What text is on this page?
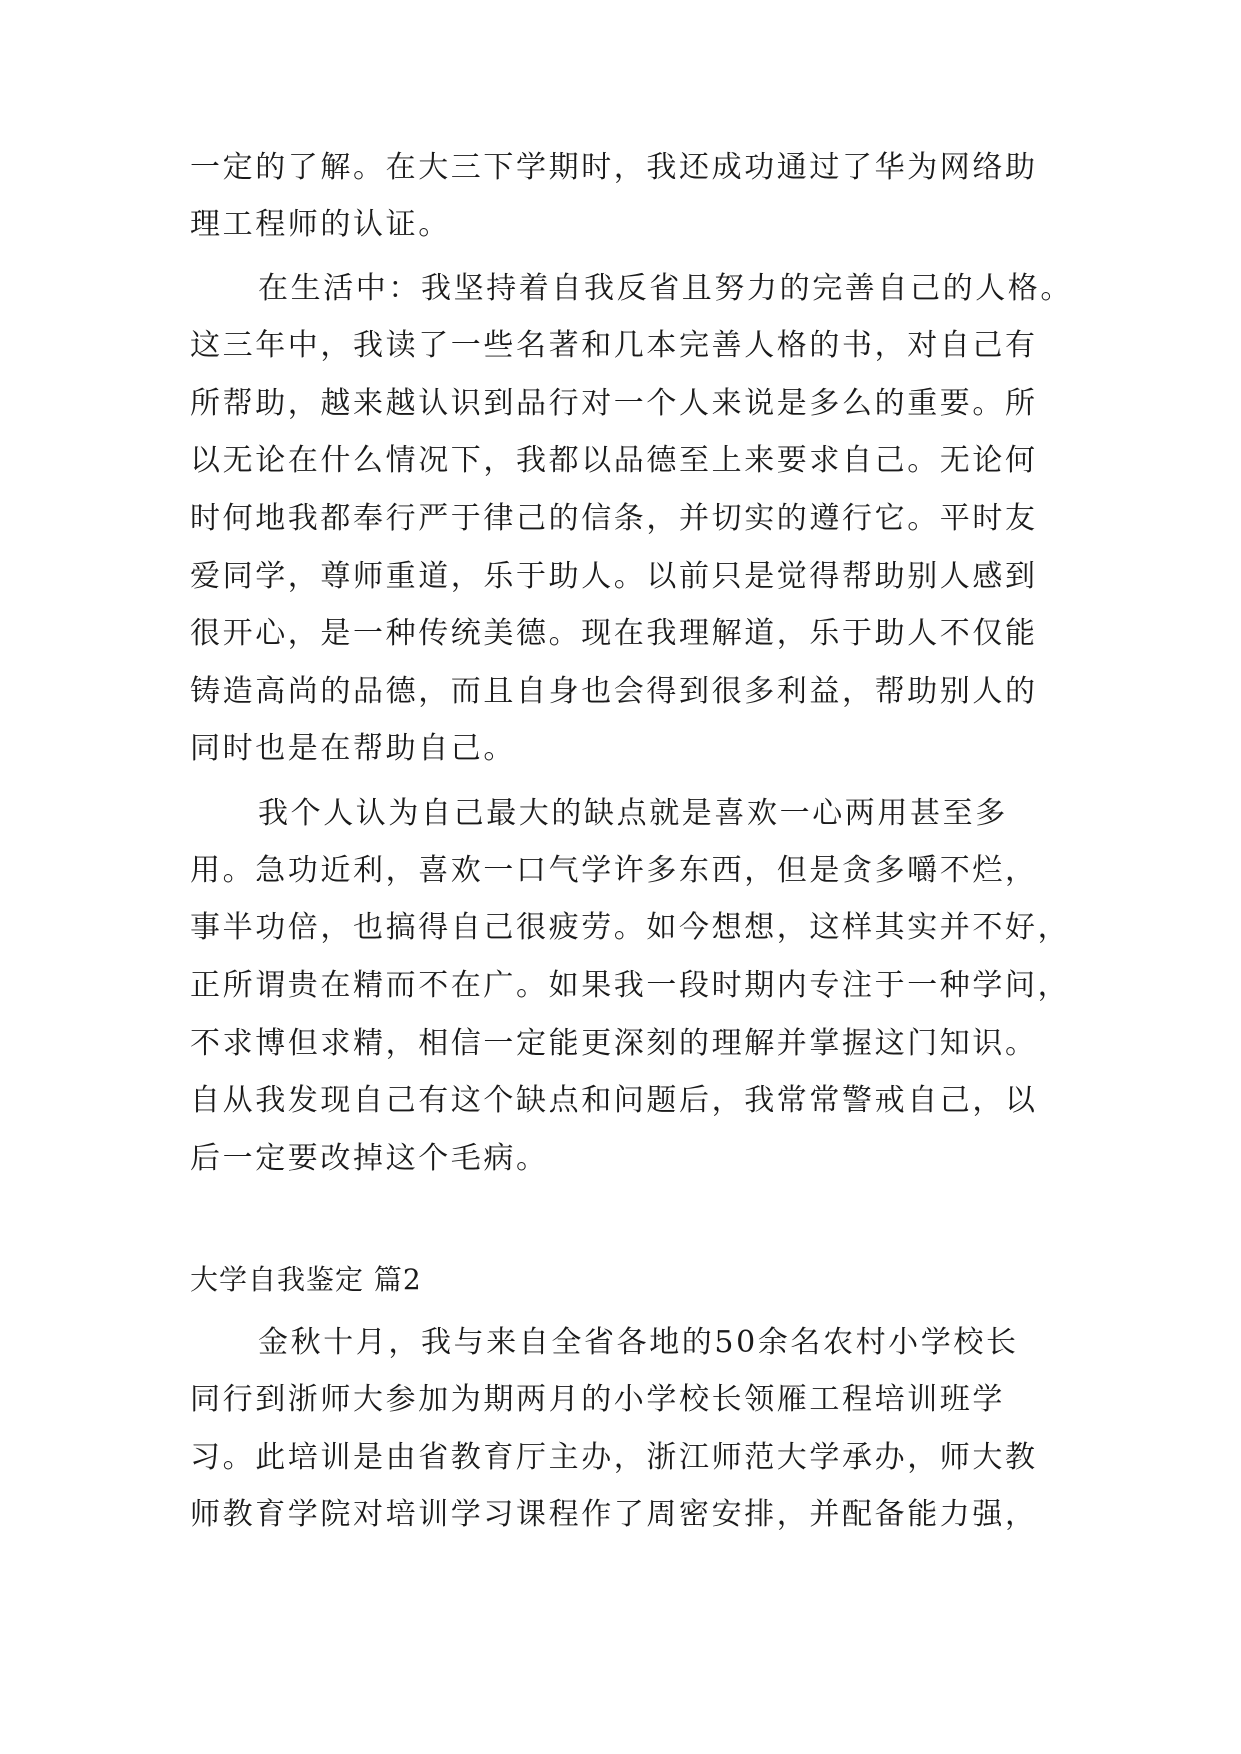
一定的了解。在大三下学期时，我还成功通过了华为网络助
理工程师的认证。
在生活中：我坚持着自我反省且努力的完善自己的人格。
这三年中，我读了一些名著和几本完善人格的书，对自己有
所帮助，越来越认识到品行对一个人来说是多么的重要。所
以无论在什么情况下，我都以品德至上来要求自己。无论何
时何地我都奉行严于律己的信条，并切实的遵行它。平时友
爱同学，尊师重道，乐于助人。以前只是觉得帮助别人感到
很开心，是一种传统美德。现在我理解道，乐于助人不仅能
铸造高尚的品德，而且自身也会得到很多利益，帮助别人的
同时也是在帮助自己。
我个人认为自己最大的缺点就是喜欢一心两用甚至多
用。急功近利，喜欢一口气学许多东西，但是贪多嚼不烂，
事半功倍，也搞得自己很疲劳。如今想想，这样其实并不好，
正所谓贵在精而不在广。如果我一段时期内专注于一种学问，
不求博但求精，相信一定能更深刻的理解并掌握这门知识。
自从我发现自己有这个缺点和问题后，我常常警戒自己，以
后一定要改掉这个毛病。
大学自我鉴定 篇2
金秋十月，我与来自全省各地的50余名农村小学校长
同行到浙师大参加为期两月的小学校长领雁工程培训班学
习。此培训是由省教育厅主办，浙江师范大学承办，师大教
师教育学院对培训学习课程作了周密安排，并配备能力强，
